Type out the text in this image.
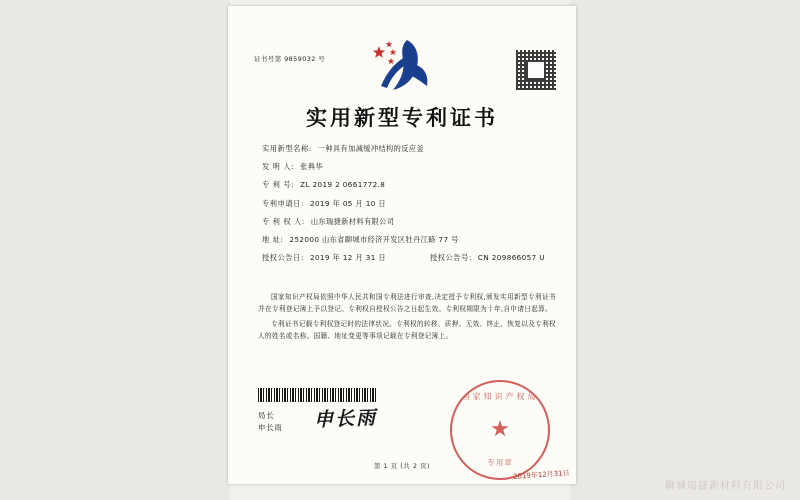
证书号第 9859032 号
实用新型专利证书
实用新型名称: 一种具有加减缓冲结构的反应釜
发 明 人: 张典华
专 利 号: ZL 2019 2 0661772.8
专利申请日: 2019 年 05 月 10 日
专 利 权 人: 山东瑞捷新材料有限公司
地 址: 252000 山东省聊城市经济开发区牡丹江路 77 号
授权公告日: 2019 年 12 月 31 日	授权公告号: CN 209866057 U

国家知识产权局依照中华人民共和国专利法进行审查,决定授予专利权,颁发实用新型专利证书并在专利登记簿上予以登记。专利权自授权公告之日起生效。专利权期限为十年,自申请日起算。

专利证书记载专利权登记时的法律状况。专利权的转移、质押、无效、终止、恢复以及专利权人的姓名或名称、国籍、地址变更等事项记载在专利登记簿上。

局长
申长雨 申长雨
国家知识产权局
★
专用章
2019年12月31日
第 1 页 (共 2 页)
聊城瑞捷新材料有限公司
